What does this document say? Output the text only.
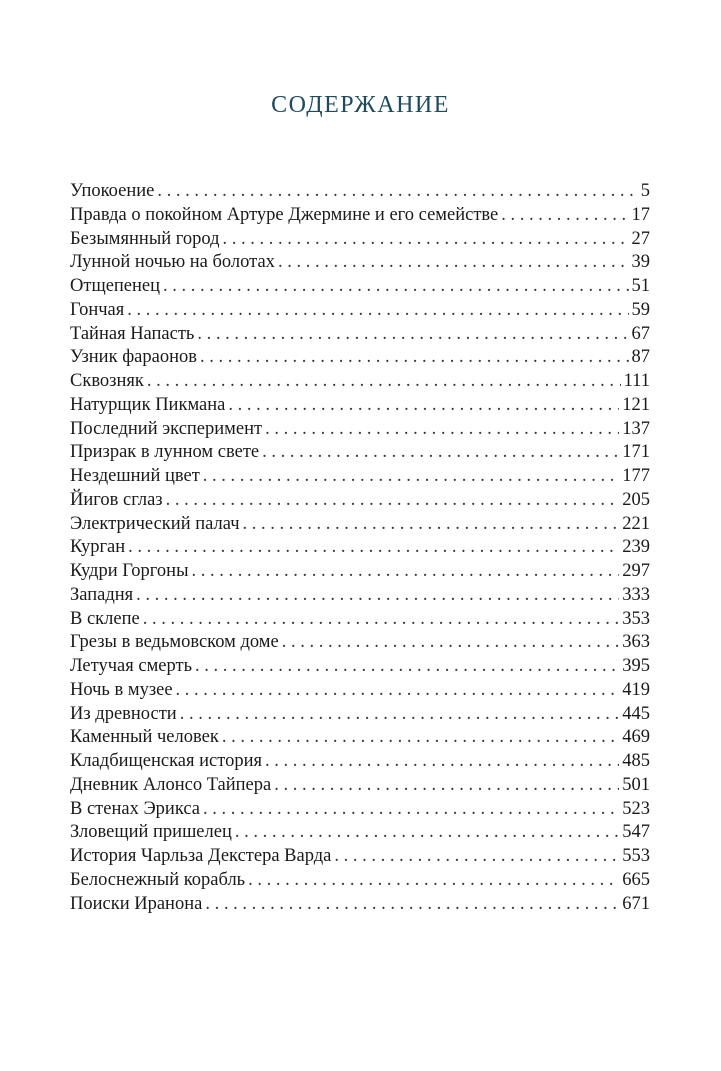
СОДЕРЖАНИЕ
Упокоение . . .	5
Правда о покойном Артуре Джермине и его семействе . . .	17
Безымянный город . . .	27
Лунной ночью на болотах . . .	39
Отщепенец . . .	51
Гончая . . .	59
Тайная Напасть . . .	67
Узник фараонов . . .	87
Сквозняк . . .	111
Натурщик Пикмана . . .	121
Последний эксперимент . . .	137
Призрак в лунном свете . . .	171
Нездешний цвет . . .	177
Йигов сглаз . . .	205
Электрический палач . . .	221
Курган . . .	239
Кудри Горгоны . . .	297
Западня . . .	333
В склепе . . .	353
Грезы в ведьмовском доме . . .	363
Летучая смерть . . .	395
Ночь в музее . . .	419
Из древности . . .	445
Каменный человек . . .	469
Кладбищенская история . . .	485
Дневник Алонсо Тайпера . . .	501
В стенах Эрикса . . .	523
Зловещий пришелец . . .	547
История Чарльза Декстера Варда . . .	553
Белоснежный корабль . . .	665
Поиски Иранона . . .	671
